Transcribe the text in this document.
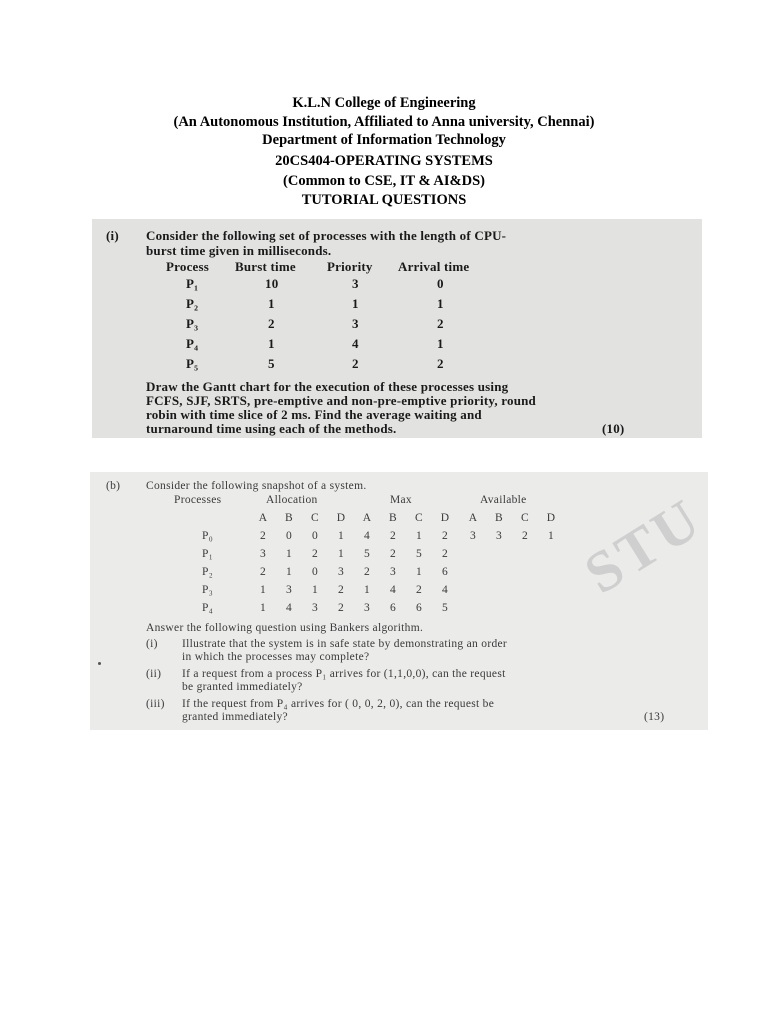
K.L.N College of Engineering
(An Autonomous Institution, Affiliated to Anna university, Chennai)
Department of Information Technology
20CS404-OPERATING SYSTEMS
(Common to CSE, IT & AI&DS)
TUTORIAL QUESTIONS
(i) Consider the following set of processes with the length of CPU-
burst time given in milliseconds.
Process Burst time Priority Arrival time
P₁	10	3	0
P₂	1	1	1
P₃	2	3	2
P₄	1	4	1
P₅	5	2	2
Draw the Gantt chart for the execution of these processes using
FCFS, SJF, SRTS, pre-emptive and non-pre-emptive priority, round
robin with time slice of 2 ms. Find the average waiting and
turnaround time using each of the methods.	(10)
STU
(b) Consider the following snapshot of a system.
Processes	Allocation	Max	Available
A	B	C	D	A	B	C	D	A	B	C	D
P₀	2	0	0	1	4	2	1	2	3	3	2	1
P₁	3	1	2	1	5	2	5	2
P₂	2	1	0	3	2	3	1	6
P₃	1	3	1	2	1	4	2	4
P₄	1	4	3	2	3	6	6	5
Answer the following question using Bankers algorithm.
(i) Illustrate that the system is in safe state by demonstrating an order
in which the processes may complete?
(ii) If a request from a process P₁ arrives for (1,1,0,0), can the request
be granted immediately?
(iii) If the request from P₄ arrives for ( 0, 0, 2, 0), can the request be
granted immediately?	(13)
